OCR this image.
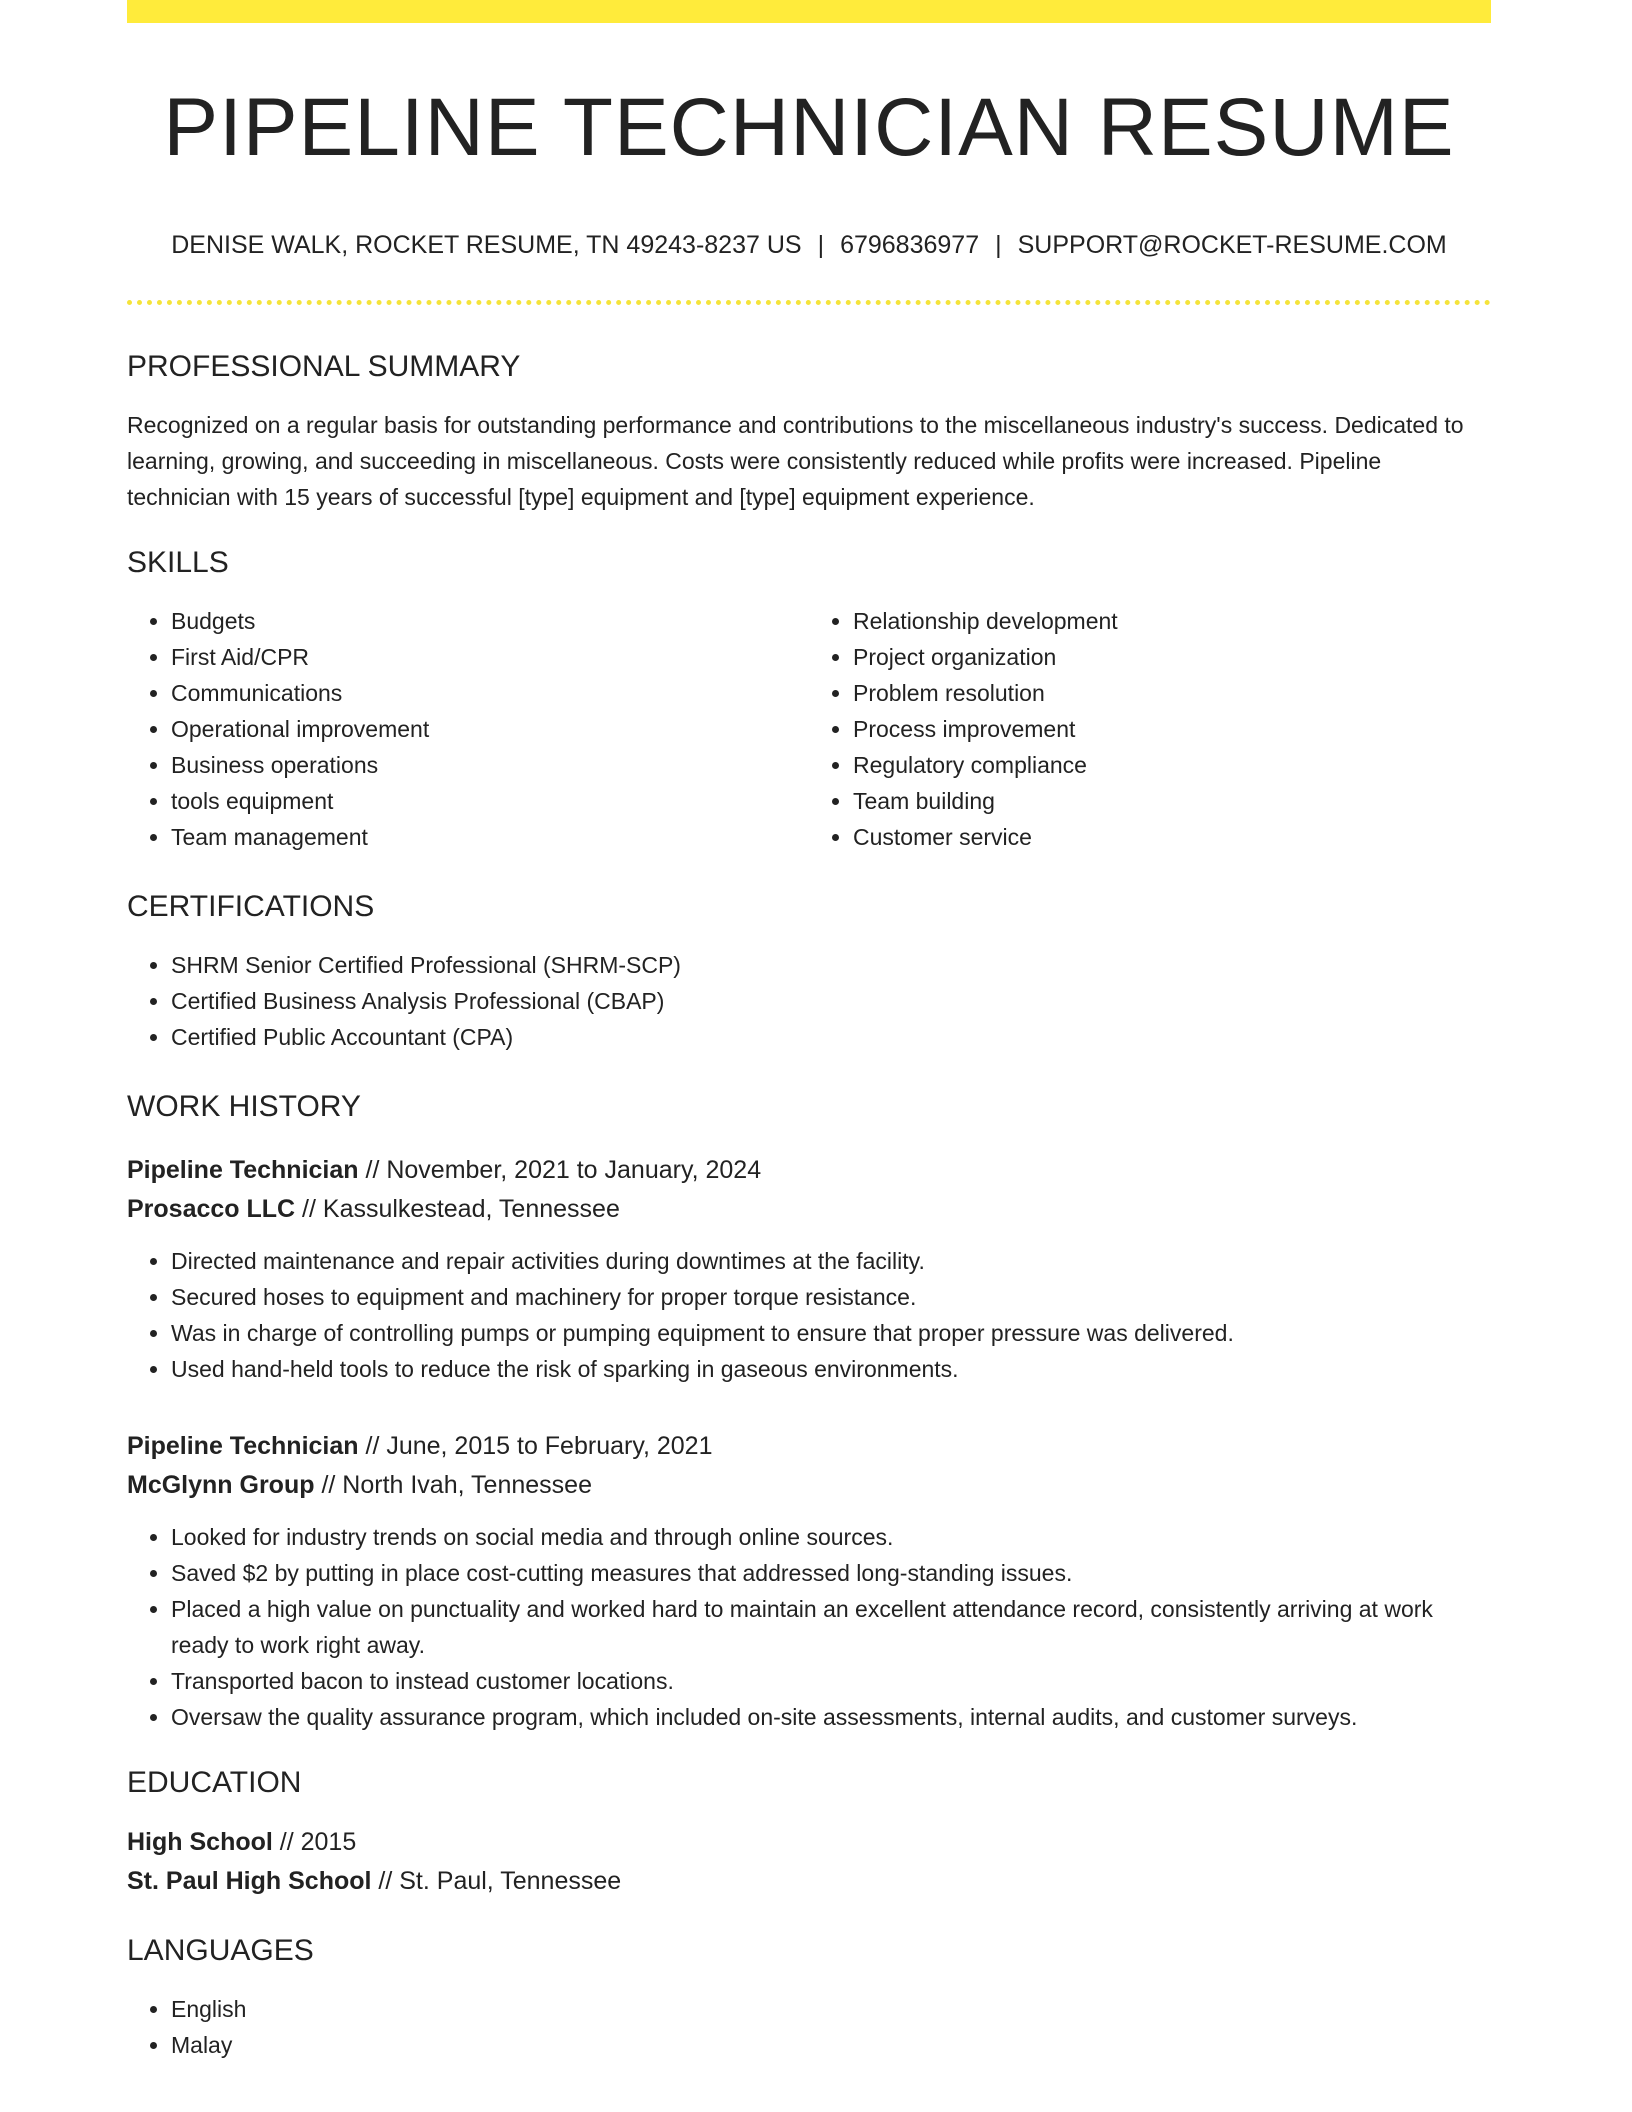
PIPELINE TECHNICIAN RESUME
DENISE WALK, ROCKET RESUME, TN 49243-8237 US | 6796836977 | SUPPORT@ROCKET-RESUME.COM
PROFESSIONAL SUMMARY

Recognized on a regular basis for outstanding performance and contributions to the miscellaneous industry's success. Dedicated to learning, growing, and succeeding in miscellaneous. Costs were consistently reduced while profits were increased. Pipeline technician with 15 years of successful [type] equipment and [type] equipment experience.

SKILLS
• Budgets
• First Aid/CPR
• Communications
• Operational improvement
• Business operations
• tools equipment
• Team management
• Relationship development
• Project organization
• Problem resolution
• Process improvement
• Regulatory compliance
• Team building
• Customer service
CERTIFICATIONS
• SHRM Senior Certified Professional (SHRM-SCP)
• Certified Business Analysis Professional (CBAP)
• Certified Public Accountant (CPA)
WORK HISTORY
Pipeline Technician // November, 2021 to January, 2024
Prosacco LLC // Kassulkestead, Tennessee
• Directed maintenance and repair activities during downtimes at the facility.
• Secured hoses to equipment and machinery for proper torque resistance.
• Was in charge of controlling pumps or pumping equipment to ensure that proper pressure was delivered.
• Used hand-held tools to reduce the risk of sparking in gaseous environments.
Pipeline Technician // June, 2015 to February, 2021
McGlynn Group // North Ivah, Tennessee
• Looked for industry trends on social media and through online sources.
• Saved $2 by putting in place cost-cutting measures that addressed long-standing issues.
• Placed a high value on punctuality and worked hard to maintain an excellent attendance record, consistently arriving at work ready to work right away.
• Transported bacon to instead customer locations.
• Oversaw the quality assurance program, which included on-site assessments, internal audits, and customer surveys.
EDUCATION
High School // 2015
St. Paul High School // St. Paul, Tennessee
LANGUAGES
• English
• Malay
